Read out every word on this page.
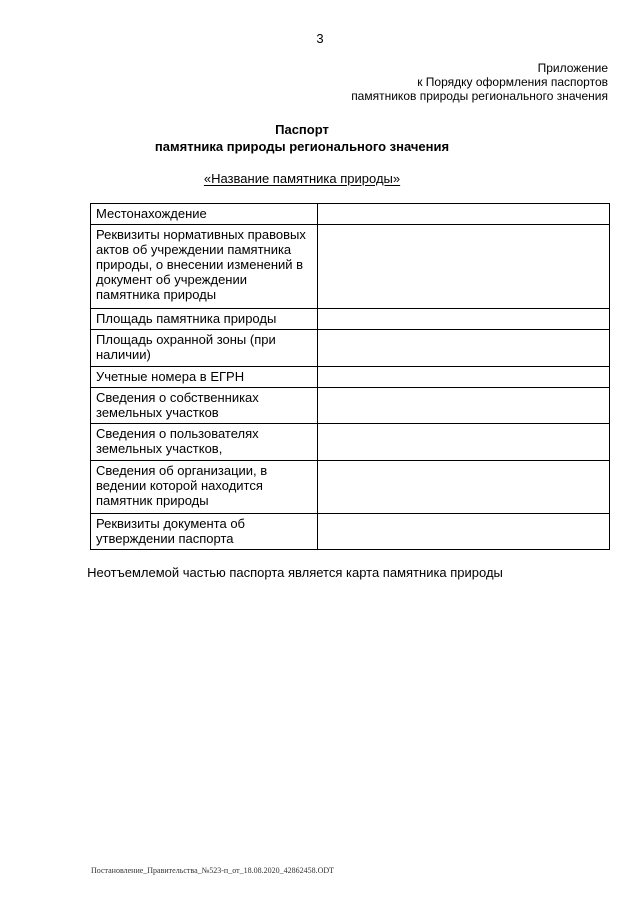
3
Приложение
к Порядку оформления паспортов
памятников природы регионального значения
Паспорт
памятника природы регионального значения
«Название памятника природы»
Местонахождение	
Реквизиты нормативных правовых актов об учреждении памятника природы, о внесении изменений в документ об учреждении памятника природы	
Площадь памятника природы	
Площадь охранной зоны (при наличии)	
Учетные номера в ЕГРН	
Сведения о собственниках земельных участков	
Сведения о пользователях земельных участков,	
Сведения об организации, в ведении которой находится памятник природы	
Реквизиты документа об утверждении паспорта	
Неотъемлемой частью паспорта является карта памятника природы
Постановление_Правительства_№523-п_от_18.08.2020_42862458.ODT
